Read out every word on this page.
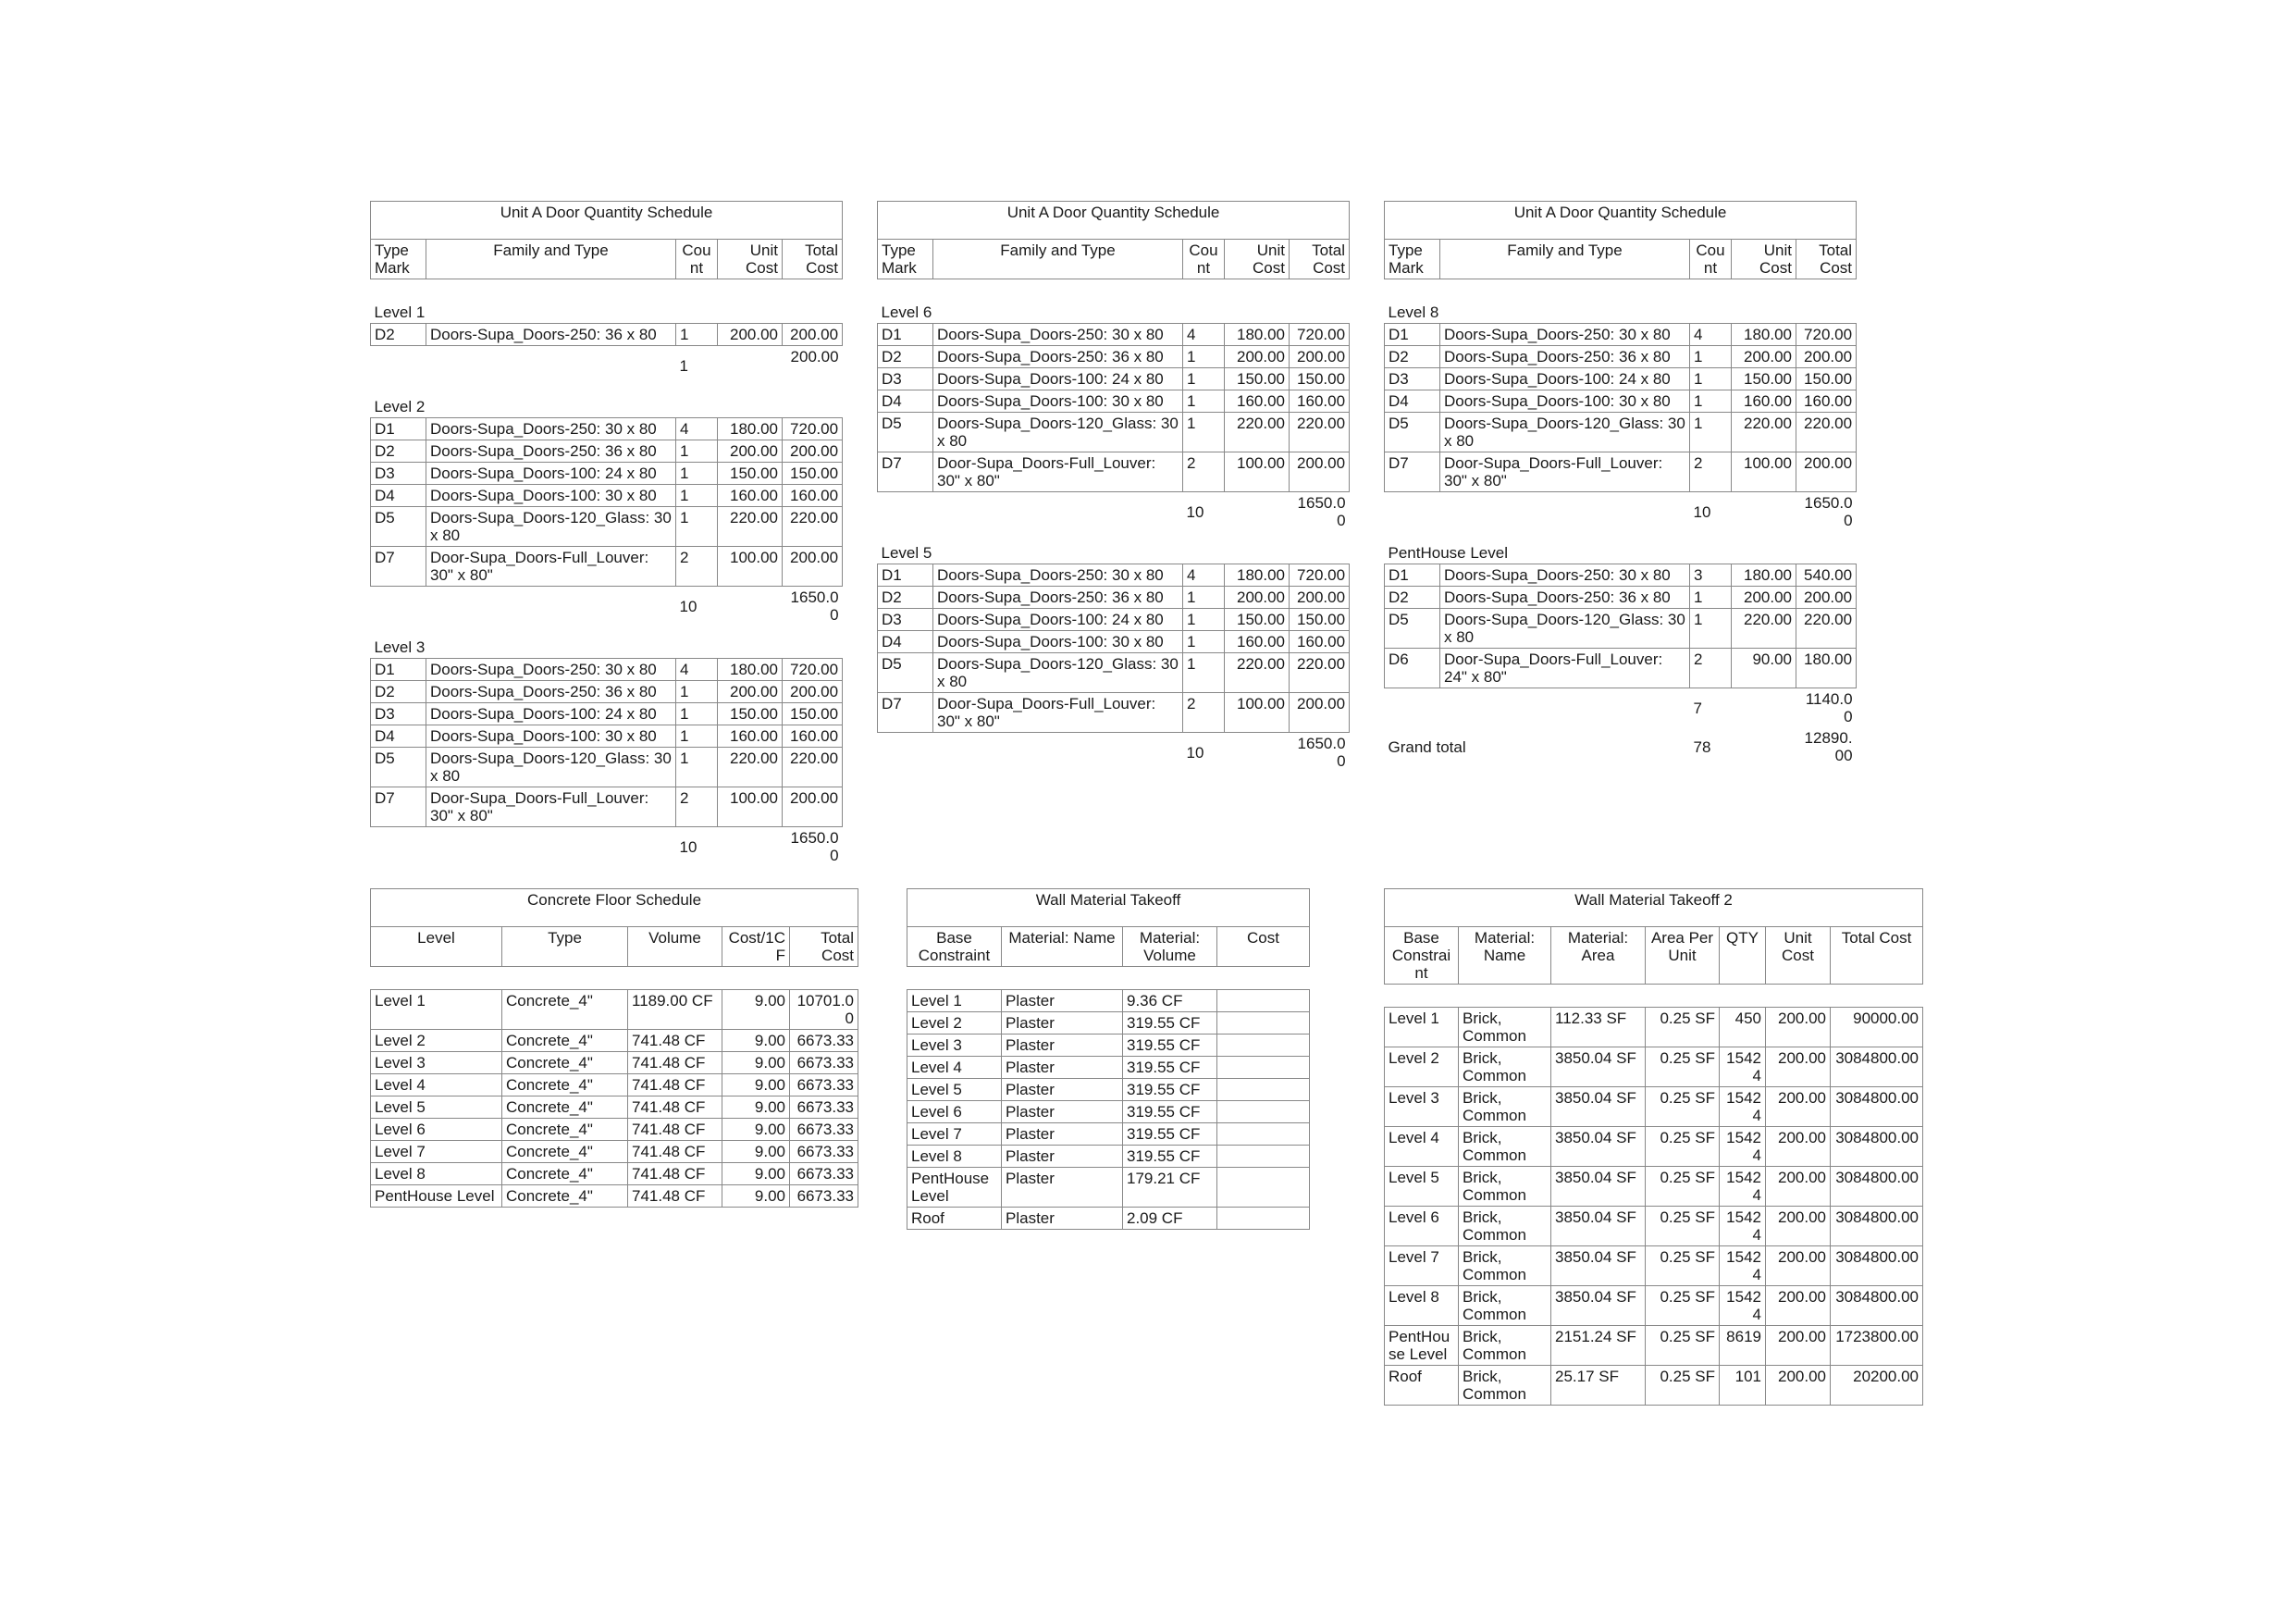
Unit A Door Quantity Schedule				
Type Mark	Family and Type	Cou nt	Unit Cost	Total Cost

Level 1				
D2	Doors-Supa_Doors-250: 36 x 80	1	200.00	200.00
		1		200.00

Level 2				
D1	Doors-Supa_Doors-250: 30 x 80	4	180.00	720.00
D2	Doors-Supa_Doors-250: 36 x 80	1	200.00	200.00
D3	Doors-Supa_Doors-100: 24 x 80	1	150.00	150.00
D4	Doors-Supa_Doors-100: 30 x 80	1	160.00	160.00
D5	Doors-Supa_Doors-120_Glass: 30 x 80	1	220.00	220.00
D7	Door-Supa_Doors-Full_Louver: 30" x 80"	2	100.00	200.00
		10		1650.0 0

Level 3				
D1	Doors-Supa_Doors-250: 30 x 80	4	180.00	720.00
D2	Doors-Supa_Doors-250: 36 x 80	1	200.00	200.00
D3	Doors-Supa_Doors-100: 24 x 80	1	150.00	150.00
D4	Doors-Supa_Doors-100: 30 x 80	1	160.00	160.00
D5	Doors-Supa_Doors-120_Glass: 30 x 80	1	220.00	220.00
D7	Door-Supa_Doors-Full_Louver: 30" x 80"	2	100.00	200.00
		10		1650.0 0
Unit A Door Quantity Schedule				
Type Mark	Family and Type	Cou nt	Unit Cost	Total Cost

Level 6				
D1	Doors-Supa_Doors-250: 30 x 80	4	180.00	720.00
D2	Doors-Supa_Doors-250: 36 x 80	1	200.00	200.00
D3	Doors-Supa_Doors-100: 24 x 80	1	150.00	150.00
D4	Doors-Supa_Doors-100: 30 x 80	1	160.00	160.00
D5	Doors-Supa_Doors-120_Glass: 30 x 80	1	220.00	220.00
D7	Door-Supa_Doors-Full_Louver: 30" x 80"	2	100.00	200.00
		10		1650.0 0

Level 5				
D1	Doors-Supa_Doors-250: 30 x 80	4	180.00	720.00
D2	Doors-Supa_Doors-250: 36 x 80	1	200.00	200.00
D3	Doors-Supa_Doors-100: 24 x 80	1	150.00	150.00
D4	Doors-Supa_Doors-100: 30 x 80	1	160.00	160.00
D5	Doors-Supa_Doors-120_Glass: 30 x 80	1	220.00	220.00
D7	Door-Supa_Doors-Full_Louver: 30" x 80"	2	100.00	200.00
		10		1650.0 0
Unit A Door Quantity Schedule				
Type Mark	Family and Type	Cou nt	Unit Cost	Total Cost

Level 8				
D1	Doors-Supa_Doors-250: 30 x 80	4	180.00	720.00
D2	Doors-Supa_Doors-250: 36 x 80	1	200.00	200.00
D3	Doors-Supa_Doors-100: 24 x 80	1	150.00	150.00
D4	Doors-Supa_Doors-100: 30 x 80	1	160.00	160.00
D5	Doors-Supa_Doors-120_Glass: 30 x 80	1	220.00	220.00
D7	Door-Supa_Doors-Full_Louver: 30" x 80"	2	100.00	200.00
		10		1650.0 0

PentHouse Level				
D1	Doors-Supa_Doors-250: 30 x 80	3	180.00	540.00
D2	Doors-Supa_Doors-250: 36 x 80	1	200.00	200.00
D5	Doors-Supa_Doors-120_Glass: 30 x 80	1	220.00	220.00
D6	Door-Supa_Doors-Full_Louver: 24" x 80"	2	90.00	180.00
		7		1140.0 0
Grand total		78		12890. 00
Concrete Floor Schedule				
Level	Type	Volume	Cost/1C F	Total Cost

Level 1	Concrete_4"	1189.00 CF	9.00	10701.0 0
Level 2	Concrete_4"	741.48 CF	9.00	6673.33
Level 3	Concrete_4"	741.48 CF	9.00	6673.33
Level 4	Concrete_4"	741.48 CF	9.00	6673.33
Level 5	Concrete_4"	741.48 CF	9.00	6673.33
Level 6	Concrete_4"	741.48 CF	9.00	6673.33
Level 7	Concrete_4"	741.48 CF	9.00	6673.33
Level 8	Concrete_4"	741.48 CF	9.00	6673.33
PentHouse Level	Concrete_4"	741.48 CF	9.00	6673.33
Wall Material Takeoff			
Base Constraint	Material: Name	Material: Volume	Cost

Level 1	Plaster	9.36 CF	
Level 2	Plaster	319.55 CF	
Level 3	Plaster	319.55 CF	
Level 4	Plaster	319.55 CF	
Level 5	Plaster	319.55 CF	
Level 6	Plaster	319.55 CF	
Level 7	Plaster	319.55 CF	
Level 8	Plaster	319.55 CF	
PentHouse Level	Plaster	179.21 CF	
Roof	Plaster	2.09 CF	
Wall Material Takeoff 2						
Base Constrai nt	Material: Name	Material: Area	Area Per Unit	QTY	Unit Cost	Total Cost

Level 1	Brick, Common	112.33 SF	0.25 SF	450	200.00	90000.00
Level 2	Brick, Common	3850.04 SF	0.25 SF	1542 4	200.00	3084800.00
Level 3	Brick, Common	3850.04 SF	0.25 SF	1542 4	200.00	3084800.00
Level 4	Brick, Common	3850.04 SF	0.25 SF	1542 4	200.00	3084800.00
Level 5	Brick, Common	3850.04 SF	0.25 SF	1542 4	200.00	3084800.00
Level 6	Brick, Common	3850.04 SF	0.25 SF	1542 4	200.00	3084800.00
Level 7	Brick, Common	3850.04 SF	0.25 SF	1542 4	200.00	3084800.00
Level 8	Brick, Common	3850.04 SF	0.25 SF	1542 4	200.00	3084800.00
PentHou se Level	Brick, Common	2151.24 SF	0.25 SF	8619	200.00	1723800.00
Roof	Brick, Common	25.17 SF	0.25 SF	101	200.00	20200.00
